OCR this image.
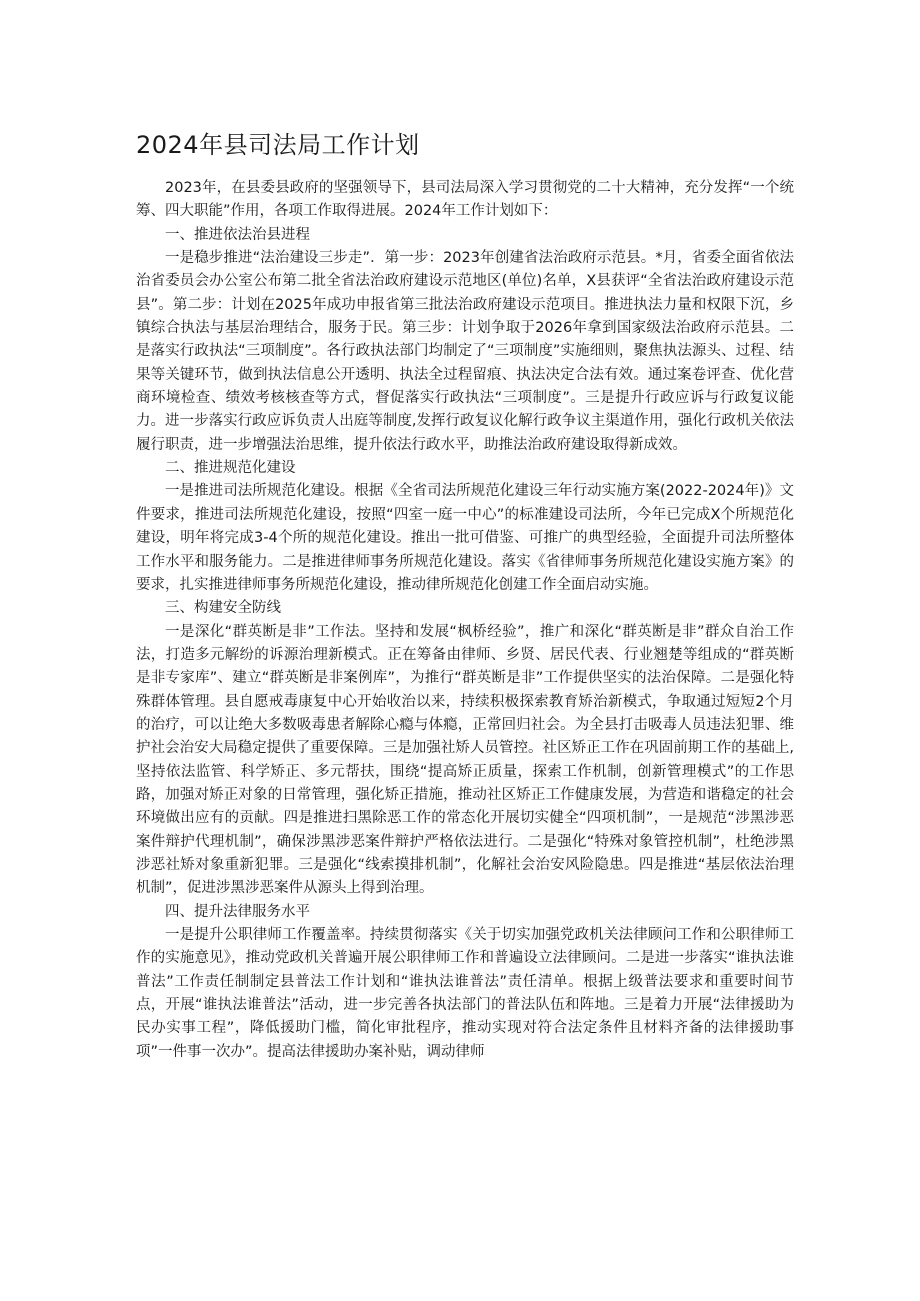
2024年县司法局工作计划

2023年，在县委县政府的坚强领导下，县司法局深入学习贯彻党的二十大精神，充分发挥“一个统筹、四大职能”作用，各项工作取得进展。2024年工作计划如下：

一、推进依法治县进程

一是稳步推进“法治建设三步走”．第一步：2023年创建省法治政府示范县。*月，省委全面省依法治省委员会办公室公布第二批全省法治政府建设示范地区(单位)名单，X县获评“全省法治政府建设示范县”。第二步：计划在2025年成功申报省第三批法治政府建设示范项目。推进执法力量和权限下沉，乡镇综合执法与基层治理结合，服务于民。第三步：计划争取于2026年拿到国家级法治政府示范县。二是落实行政执法“三项制度”。各行政执法部门均制定了“三项制度”实施细则，聚焦执法源头、过程、结果等关键环节，做到执法信息公开透明、执法全过程留痕、执法决定合法有效。通过案卷评查、优化营商环境检查、绩效考核核查等方式，督促落实行政执法“三项制度”。三是提升行政应诉与行政复议能力。进一步落实行政应诉负责人出庭等制度,发挥行政复议化解行政争议主渠道作用，强化行政机关依法履行职责，进一步增强法治思维，提升依法行政水平，助推法治政府建设取得新成效。

二、推进规范化建设

一是推进司法所规范化建设。根据《全省司法所规范化建设三年行动实施方案(2022-2024年)》文件要求，推进司法所规范化建设，按照“四室一庭一中心”的标准建设司法所，今年已完成X个所规范化建设，明年将完成3-4个所的规范化建设。推出一批可借鉴、可推广的典型经验，全面提升司法所整体工作水平和服务能力。二是推进律师事务所规范化建设。落实《省律师事务所规范化建设实施方案》的要求，扎实推进律师事务所规范化建设，推动律所规范化创建工作全面启动实施。

三、构建安全防线

一是深化“群英断是非”工作法。坚持和发展“枫桥经验”，推广和深化“群英断是非”群众自治工作法，打造多元解纷的诉源治理新模式。正在筹备由律师、乡贤、居民代表、行业翘楚等组成的“群英断是非专家库”、建立“群英断是非案例库”，为推行“群英断是非”工作提供坚实的法治保障。二是强化特殊群体管理。县自愿戒毒康复中心开始收治以来，持续积极探索教育矫治新模式，争取通过短短2个月的治疗，可以让绝大多数吸毒患者解除心瘾与体瘾，正常回归社会。为全县打击吸毒人员违法犯罪、维护社会治安大局稳定提供了重要保障。三是加强社矫人员管控。社区矫正工作在巩固前期工作的基础上,坚持依法监管、科学矫正、多元帮扶，围绕“提高矫正质量，探索工作机制，创新管理模式”的工作思路，加强对矫正对象的日常管理，强化矫正措施，推动社区矫正工作健康发展，为营造和谐稳定的社会环境做出应有的贡献。四是推进扫黑除恶工作的常态化开展切实健全“四项机制”，一是规范“涉黑涉恶案件辩护代理机制”，确保涉黑涉恶案件辩护严格依法进行。二是强化“特殊对象管控机制”，杜绝涉黑涉恶社矫对象重新犯罪。三是强化“线索摸排机制”，化解社会治安风险隐患。四是推进“基层依法治理机制”，促进涉黑涉恶案件从源头上得到治理。

四、提升法律服务水平

一是提升公职律师工作覆盖率。持续贯彻落实《关于切实加强党政机关法律顾问工作和公职律师工作的实施意见》，推动党政机关普遍开展公职律师工作和普遍设立法律顾问。二是进一步落实“谁执法谁普法”工作责任制制定县普法工作计划和“谁执法谁普法”责任清单。根据上级普法要求和重要时间节点，开展“谁执法谁普法”活动，进一步完善各执法部门的普法队伍和阵地。三是着力开展“法律援助为民办实事工程”，降低援助门槛，简化审批程序，推动实现对符合法定条件且材料齐备的法律援助事项”一件事一次办”。提高法律援助办案补贴，调动律师
